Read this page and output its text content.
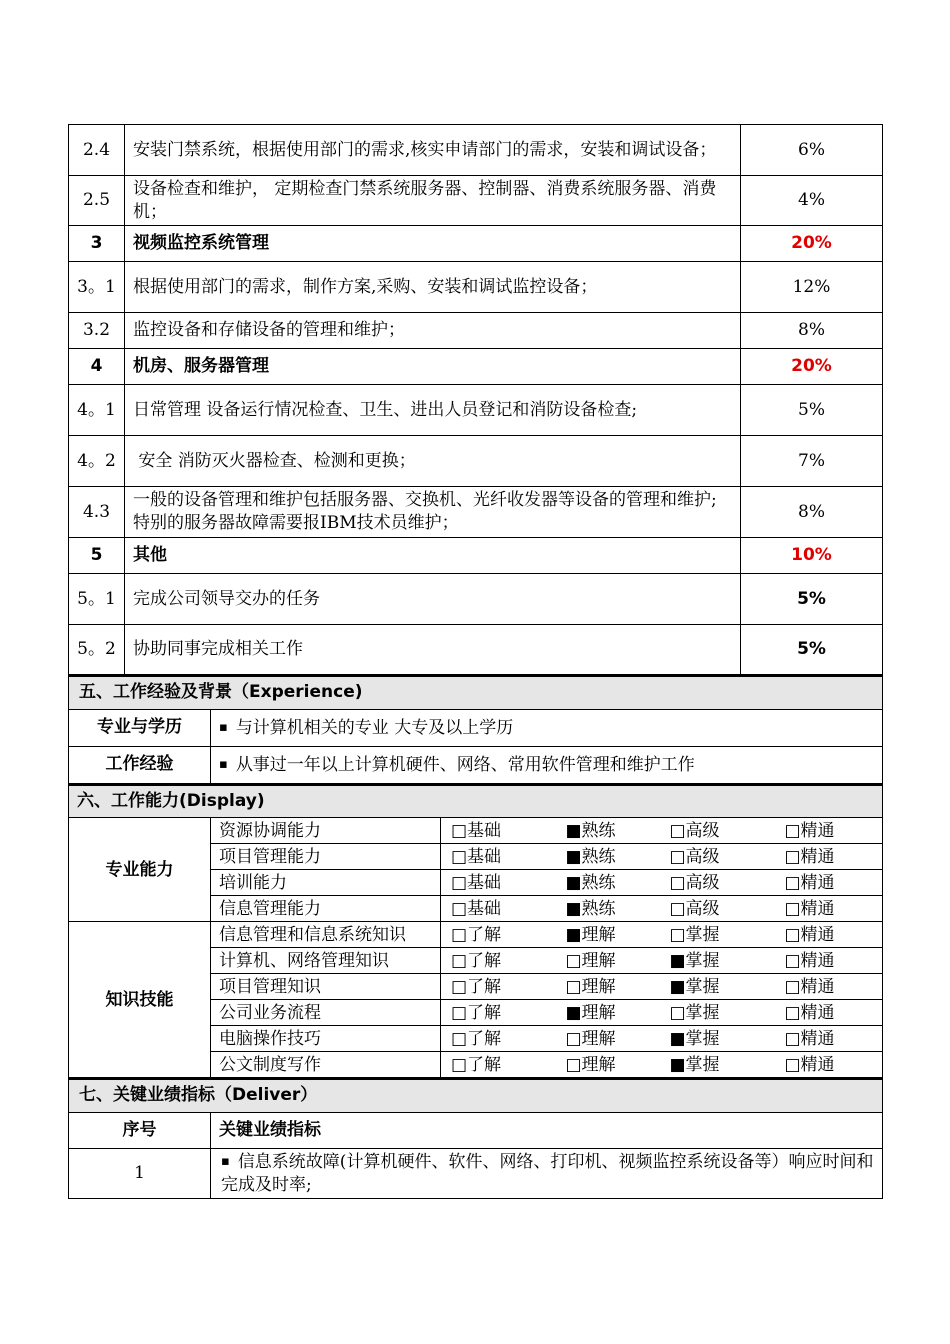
2.4	安装门禁系统，根据使用部门的需求,核实申请部门的需求，安装和调试设备；	6%
2.5	设备检查和维护， 定期检查门禁系统服务器、控制器、消费系统服务器、消费机；	4%
3	视频监控系统管理	20%
3。1	根据使用部门的需求，制作方案,采购、安装和调试监控设备；	12%
3.2	监控设备和存储设备的管理和维护；	8%
4	机房、服务器管理	20%
4。1	日常管理 设备运行情况检查、卫生、进出人员登记和消防设备检查;	5%
4。2	安全 消防灭火器检查、检测和更换；	7%
4.3	一般的设备管理和维护包括服务器、交换机、光纤收发器等设备的管理和维护;特别的服务器故障需要报IBM技术员维护；	8%
5	其他	10%
5。1	完成公司领导交办的任务	5%
5。2	协助同事完成相关工作	5%
五、工作经验及背景（Experience)	
专业与学历	▪ 与计算机相关的专业 大专及以上学历
工作经验	▪ 从事过一年以上计算机硬件、网络、常用软件管理和维护工作
六、工作能力(Display)					
专业能力	资源协调能力	□基础	■熟练	□高级	□精通
	项目管理能力	□基础	■熟练	□高级	□精通
	培训能力	□基础	■熟练	□高级	□精通
	信息管理能力	□基础	■熟练	□高级	□精通
知识技能	信息管理和信息系统知识	□了解	■理解	□掌握	□精通
	计算机、网络管理知识	□了解	□理解	■掌握	□精通
	项目管理知识	□了解	□理解	■掌握	□精通
	公司业务流程	□了解	■理解	□掌握	□精通
	电脑操作技巧	□了解	□理解	■掌握	□精通
	公文制度写作	□了解	□理解	■掌握	□精通
七、关键业绩指标（Deliver）	
序号	关键业绩指标
1	▪ 信息系统故障(计算机硬件、软件、网络、打印机、视频监控系统设备等）响应时间和完成及时率;
